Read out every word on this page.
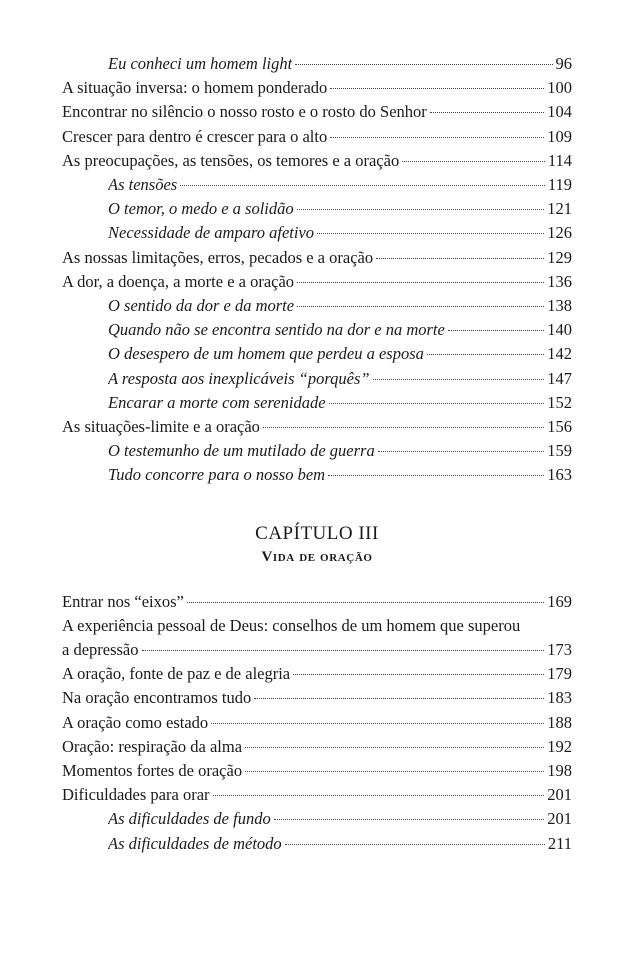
Eu conheci um homem light	96
A situação inversa: o homem ponderado	100
Encontrar no silêncio o nosso rosto e o rosto do Senhor	104
Crescer para dentro é crescer para o alto	109
As preocupações, as tensões, os temores e a oração	114
As tensões	119
O temor, o medo e a solidão	121
Necessidade de amparo afetivo	126
As nossas limitações, erros, pecados e a oração	129
A dor, a doença, a morte e a oração	136
O sentido da dor e da morte	138
Quando não se encontra sentido na dor e na morte	140
O desespero de um homem que perdeu a esposa	142
A resposta aos inexplicáveis “porquês”	147
Encarar a morte com serenidade	152
As situações-limite e a oração	156
O testemunho de um mutilado de guerra	159
Tudo concorre para o nosso bem	163
CAPÍTULO III
Vida de oração
Entrar nos “eixos”	169
A experiência pessoal de Deus: conselhos de um homem que superou
a depressão	173
A oração, fonte de paz e de alegria	179
Na oração encontramos tudo	183
A oração como estado	188
Oração: respiração da alma	192
Momentos fortes de oração	198
Dificuldades para orar	201
As dificuldades de fundo	201
As dificuldades de método	211
